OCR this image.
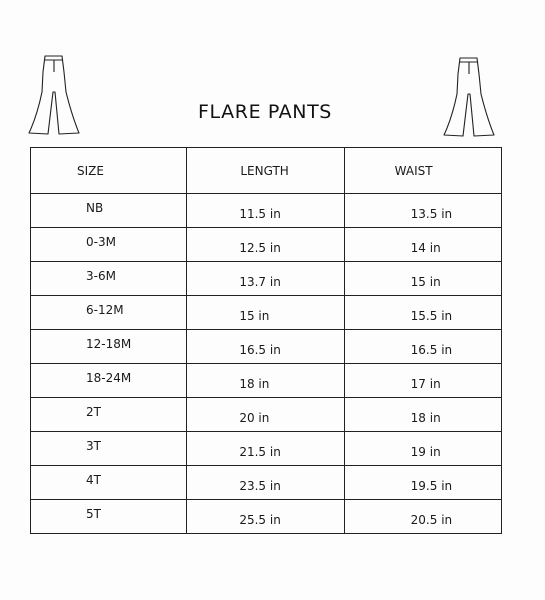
FLARE PANTS
SIZE	LENGTH	WAIST

NB	11.5 in	13.5 in

0-3M	12.5 in	14 in

3-6M	13.7 in	15 in

6-12M	15 in	15.5 in

12-18M	16.5 in	16.5 in

18-24M	18 in	17 in

2T	20 in	18 in

3T	21.5 in	19 in

4T	23.5 in	19.5 in

5T	25.5 in	20.5 in
